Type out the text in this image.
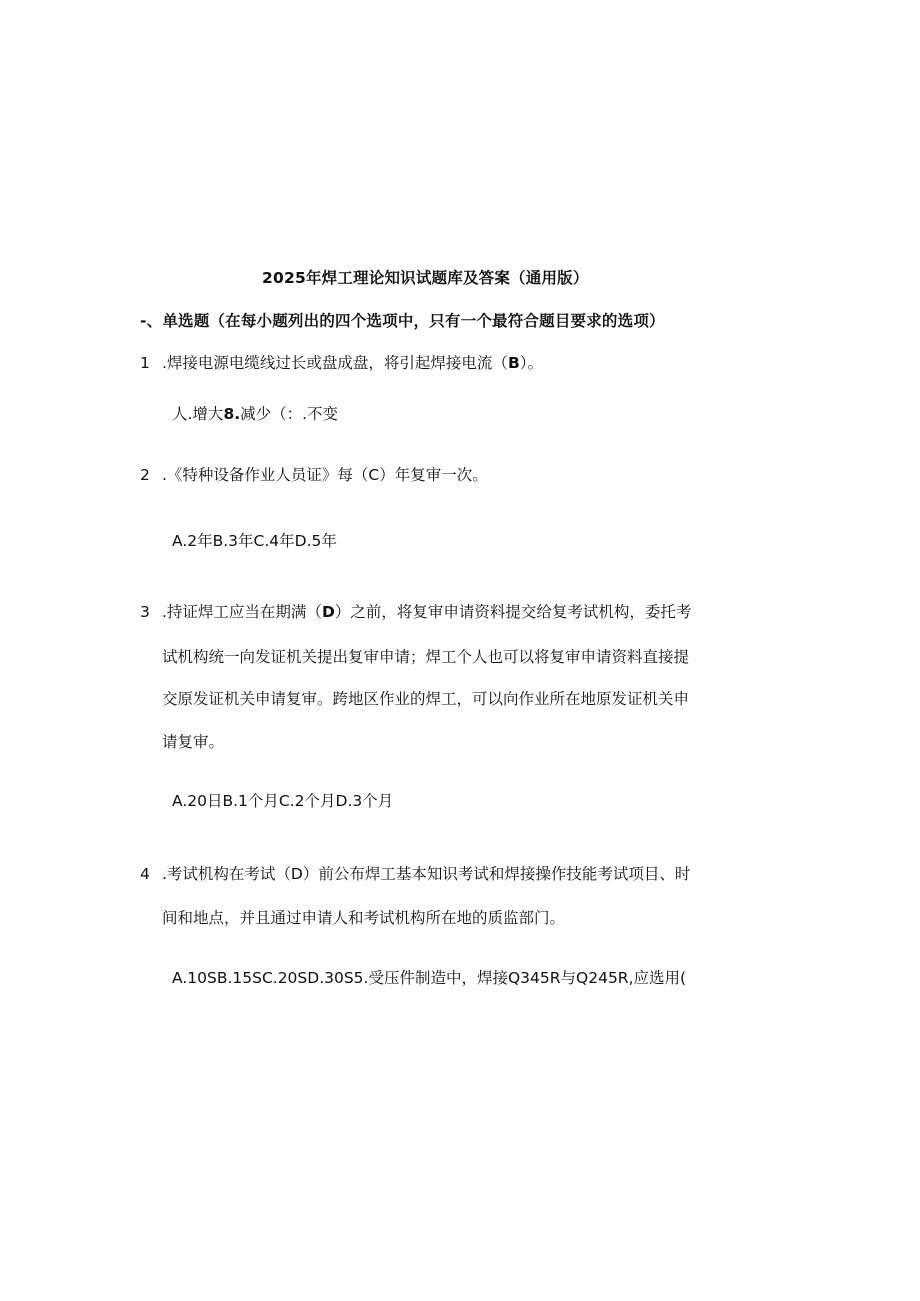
2025年焊工理论知识试题库及答案（通用版）
-、单选题（在每小题列出的四个选项中，只有一个最符合题目要求的选项）
1 .焊接电源电缆线过长或盘成盘，将引起焊接电流（B）。
人.增大8.减少（：.不变
2 .《特种设备作业人员证》每（C）年复审一次。
A.2年B.3年C.4年D.5年
3 .持证焊工应当在期满（D）之前，将复审申请资料提交给复考试机构，委托考
试机构统一向发证机关提出复审申请；焊工个人也可以将复审申请资料直接提
交原发证机关申请复审。跨地区作业的焊工，可以向作业所在地原发证机关申
请复审。
A.20日B.1个月C.2个月D.3个月
4 .考试机构在考试（D）前公布焊工基本知识考试和焊接操作技能考试项目、时
间和地点，并且通过申请人和考试机构所在地的质监部门。
A.10SB.15SC.20SD.30S5.受压件制造中，焊接Q345R与Q245R,应选用(
